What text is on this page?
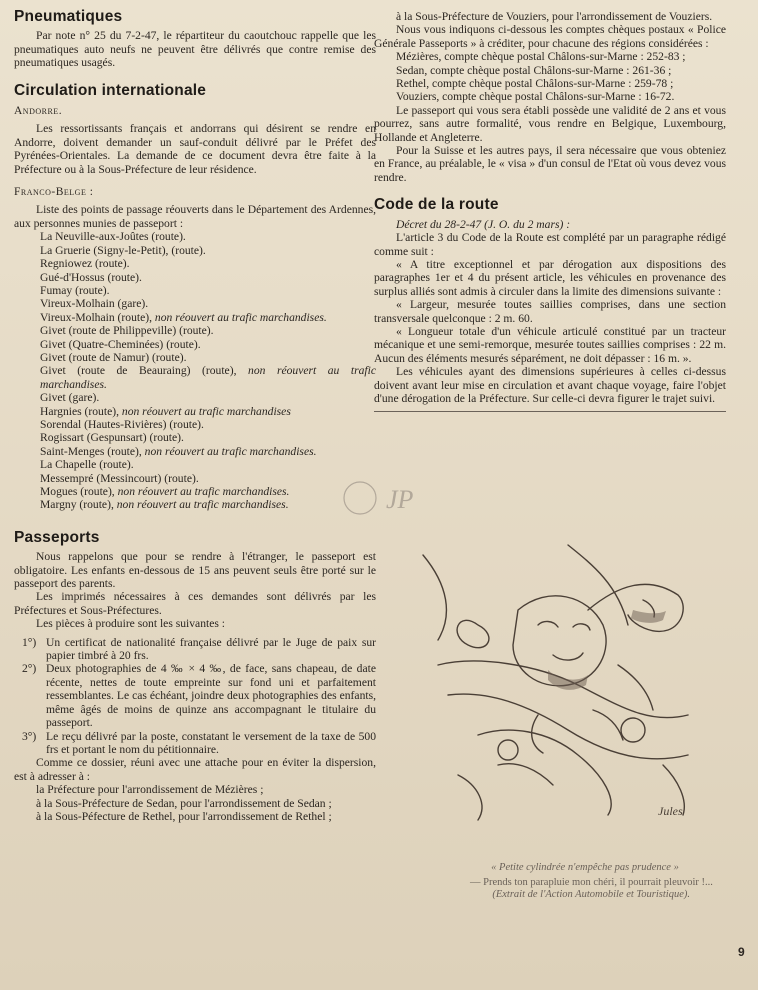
Pneumatiques

Par note n° 25 du 7-2-47, le répartiteur du caoutchouc rappelle que les pneumatiques auto neufs ne peuvent être délivrés que contre remise des pneumatiques usagés.

Circulation internationale
Andorre.

Les ressortissants français et andorrans qui désirent se rendre en Andorre, doivent demander un sauf-conduit délivré par le Préfet des Pyrénées-Orientales. La demande de ce document devra être faite à la Préfecture ou à la Sous-Préfecture de leur résidence.

Franco-Belge :

Liste des points de passage réouverts dans le Département des Ardennes, aux personnes munies de passeport :

La Neuville-aux-Joûtes (route).

La Gruerie (Signy-le-Petit), (route).

Regniowez (route).

Gué-d'Hossus (route).

Fumay (route).

Vireux-Molhain (gare).

Vireux-Molhain (route), non réouvert au trafic marchandises.

Givet (route de Philippeville) (route).

Givet (Quatre-Cheminées) (route).

Givet (route de Namur) (route).

Givet (route de Beauraing) (route), non réouvert au trafic marchandises.

Givet (gare).

Hargnies (route), non réouvert au trafic marchandises

Sorendal (Hautes-Rivières) (route).

Rogissart (Gespunsart) (route).

Saint-Menges (route), non réouvert au trafic marchandises.

La Chapelle (route).

Messempré (Messincourt) (route).

Mogues (route), non réouvert au trafic marchandises.

Margny (route), non réouvert au trafic marchandises.

Passeports

Nous rappelons que pour se rendre à l'étranger, le passeport est obligatoire. Les enfants en-dessous de 15 ans peuvent seuls être porté sur le passeport des parents.

Les imprimés nécessaires à ces demandes sont délivrés par les Préfectures et Sous-Préfectures.

Les pièces à produire sont les suivantes :

1°) Un certificat de nationalité française délivré par le Juge de paix sur papier timbré à 20 frs.
2°) Deux photographies de 4 ‰ × 4 ‰, de face, sans chapeau, de date récente, nettes de toute empreinte sur fond uni et parfaitement ressemblantes. Le cas échéant, joindre deux photographies des enfants, même âgés de moins de quinze ans accompagnant le titulaire du passeport.
3°) Le reçu délivré par la poste, constatant le versement de la taxe de 500 frs et portant le nom du pétitionnaire.

Comme ce dossier, réuni avec une attache pour en éviter la dispersion, est à adresser à :

la Préfecture pour l'arrondissement de Mézières ;

à la Sous-Préfecture de Sedan, pour l'arrondissement de Sedan ;

à la Sous-Péfecture de Rethel, pour l'arrondissement de Rethel ;

à la Sous-Préfecture de Vouziers, pour l'arrondissement de Vouziers.

Nous vous indiquons ci-dessous les comptes chèques postaux « Police Générale Passeports » à créditer, pour chacune des régions considérées :

Mézières, compte chèque postal Châlons-sur-Marne : 252-83 ;

Sedan, compte chèque postal Châlons-sur-Marne : 261-36 ;

Rethel, compte chèque postal Châlons-sur-Marne : 259-78 ;

Vouziers, compte chèque postal Châlons-sur-Marne : 16-72.

Le passeport qui vous sera établi possède une validité de 2 ans et vous pourrez, sans autre formalité, vous rendre en Belgique, Luxembourg, Hollande et Angleterre.

Pour la Suisse et les autres pays, il sera nécessaire que vous obteniez en France, au préalable, le « visa » d'un consul de l'Etat où vous devez vous rendre.

Code de la route

Décret du 28-2-47 (J. O. du 2 mars) :

L'article 3 du Code de la Route est complété par un paragraphe rédigé comme suit :

« A titre exceptionnel et par dérogation aux dispositions des paragraphes 1er et 4 du présent article, les véhicules en provenance des surplus alliés sont admis à circuler dans la limite des dimensions suivante :

« Largeur, mesurée toutes saillies comprises, dans une section transversale quelconque : 2 m. 60.

« Longueur totale d'un véhicule articulé constitué par un tracteur mécanique et une semi-remorque, mesurée toutes saillies comprises : 22 m. Aucun des éléments mesurés séparément, ne doit dépasser : 16 m. ».

Les véhicules ayant des dimensions supérieures à celles ci-dessus doivent avant leur mise en circulation et avant chaque voyage, faire l'objet d'une dérogation de la Préfecture. Sur celle-ci devra figurer le trajet suivi.

JP
Jules
« Petite cylindrée n'empêche pas prudence »
— Prends ton parapluie mon chéri, il pourrait pleuvoir !...
(Extrait de l'Action Automobile et Touristique).
9
